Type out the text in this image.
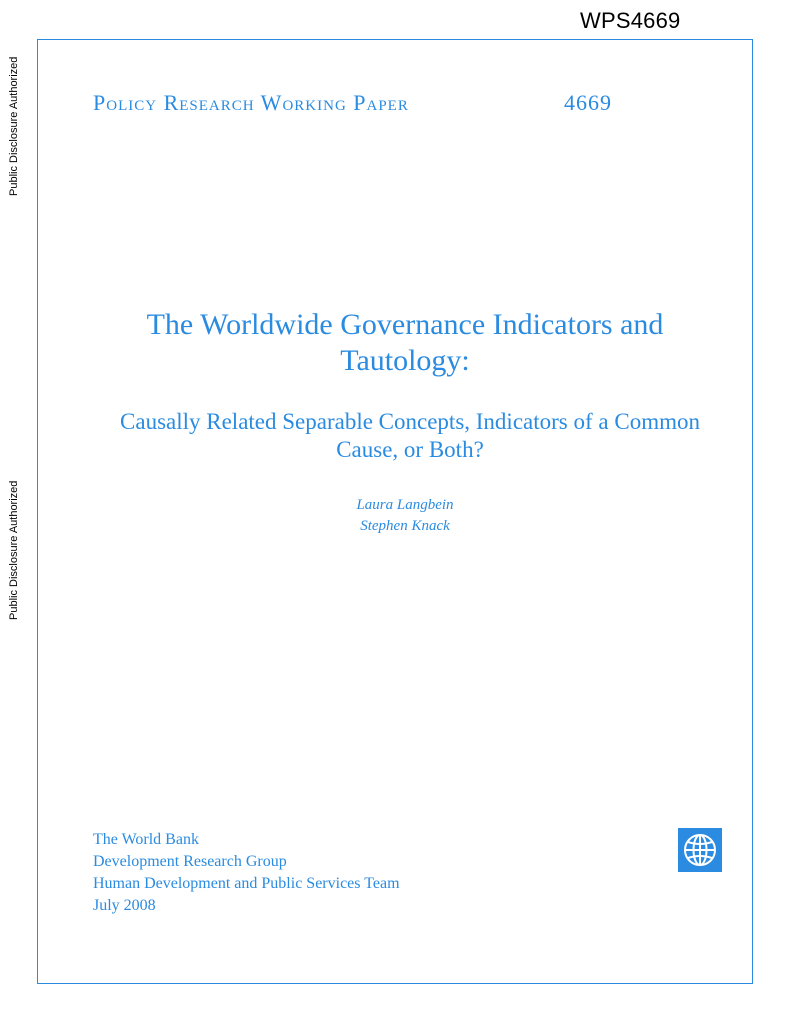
WPS4669
Public Disclosure Authorized
Public Disclosure Authorized
Policy Research Working Paper	4669
The Worldwide Governance Indicators and Tautology:
Causally Related Separable Concepts, Indicators of a Common Cause, or Both?
Laura Langbein
Stephen Knack
The World Bank
Development Research Group
Human Development and Public Services Team
July 2008
